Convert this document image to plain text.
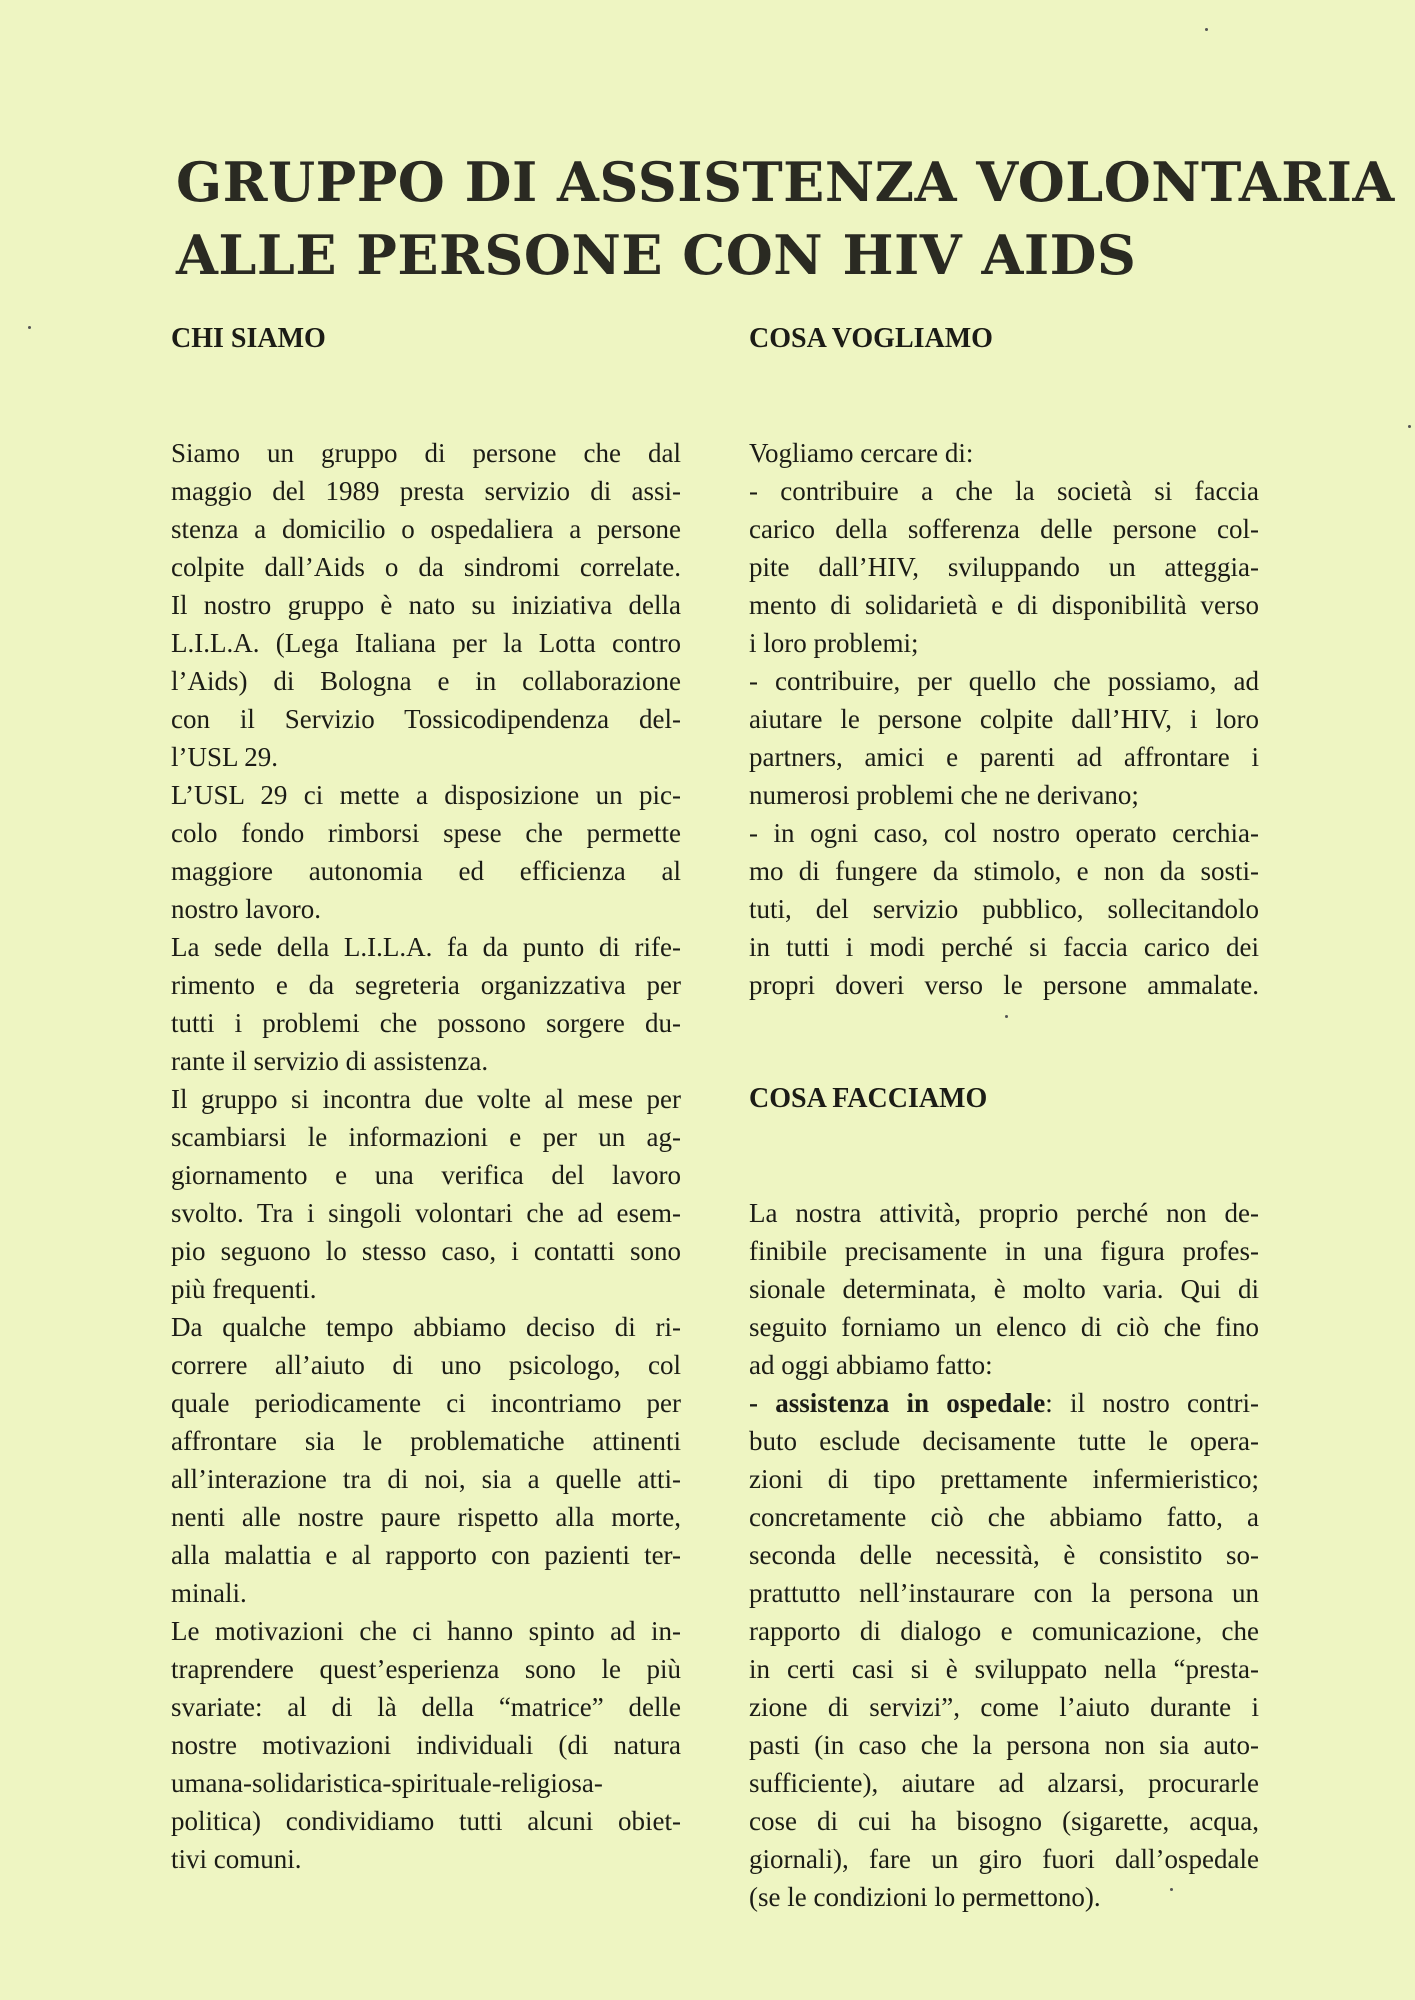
GRUPPO DI ASSISTENZA VOLONTARIA
ALLE PERSONE CON HIV AIDS
CHI SIAMO
Siamo un gruppo di persone che dal
maggio del 1989 presta servizio di assi-
stenza a domicilio o ospedaliera a persone
colpite dall’Aids o da sindromi correlate.
Il nostro gruppo è nato su iniziativa della
L.I.L.A. (Lega Italiana per la Lotta contro
l’Aids) di Bologna e in collaborazione
con il Servizio Tossicodipendenza del-
l’USL 29.
L’USL 29 ci mette a disposizione un pic-
colo fondo rimborsi spese che permette
maggiore autonomia ed efficienza al
nostro lavoro.
La sede della L.I.L.A. fa da punto di rife-
rimento e da segreteria organizzativa per
tutti i problemi che possono sorgere du-
rante il servizio di assistenza.
Il gruppo si incontra due volte al mese per
scambiarsi le informazioni e per un ag-
giornamento e una verifica del lavoro
svolto. Tra i singoli volontari che ad esem-
pio seguono lo stesso caso, i contatti sono
più frequenti.
Da qualche tempo abbiamo deciso di ri-
correre all’aiuto di uno psicologo, col
quale periodicamente ci incontriamo per
affrontare sia le problematiche attinenti
all’interazione tra di noi, sia a quelle atti-
nenti alle nostre paure rispetto alla morte,
alla malattia e al rapporto con pazienti ter-
minali.
Le motivazioni che ci hanno spinto ad in-
traprendere quest’esperienza sono le più
svariate: al di là della “matrice” delle
nostre motivazioni individuali (di natura
umana-solidaristica-spirituale-religiosa-
politica) condividiamo tutti alcuni obiet-
tivi comuni.
COSA VOGLIAMO
Vogliamo cercare di:
- contribuire a che la società si faccia
carico della sofferenza delle persone col-
pite dall’HIV, sviluppando un atteggia-
mento di solidarietà e di disponibilità verso
i loro problemi;
- contribuire, per quello che possiamo, ad
aiutare le persone colpite dall’HIV, i loro
partners, amici e parenti ad affrontare i
numerosi problemi che ne derivano;
- in ogni caso, col nostro operato cerchia-
mo di fungere da stimolo, e non da sosti-
tuti, del servizio pubblico, sollecitandolo
in tutti i modi perché si faccia carico dei
propri doveri verso le persone ammalate.
COSA FACCIAMO
La nostra attività, proprio perché non de-
finibile precisamente in una figura profes-
sionale determinata, è molto varia. Qui di
seguito forniamo un elenco di ciò che fino
ad oggi abbiamo fatto:
- assistenza in ospedale: il nostro contri-
buto esclude decisamente tutte le opera-
zioni di tipo prettamente infermieristico;
concretamente ciò che abbiamo fatto, a
seconda delle necessità, è consistito so-
prattutto nell’instaurare con la persona un
rapporto di dialogo e comunicazione, che
in certi casi si è sviluppato nella “presta-
zione di servizi”, come l’aiuto durante i
pasti (in caso che la persona non sia auto-
sufficiente), aiutare ad alzarsi, procurarle
cose di cui ha bisogno (sigarette, acqua,
giornali), fare un giro fuori dall’ospedale
(se le condizioni lo permettono).
